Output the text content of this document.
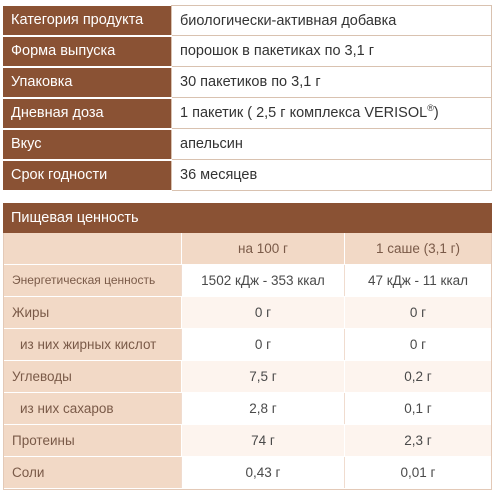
Категория продукта	биологически-активная добавка
Форма выпуска	порошок в пакетиках по 3,1 г
Упаковка	30 пакетиков по 3,1 г
Дневная доза	1 пакетик ( 2,5 г комплекса VERISOL®)
Вкус	апельсин
Срок годности	36 месяцев
Пищевая ценность
	на 100 г	1 саше (3,1 г)
Энергетическая ценность	1502 кДж - 353 ккал	47 кДж - 11 ккал
Жиры	0 г	0 г
из них жирных кислот	0 г	0 г
Углеводы	7,5 г	0,2 г
из них сахаров	2,8 г	0,1 г
Протеины	74 г	2,3 г
Соли	0,43 г	0,01 г
